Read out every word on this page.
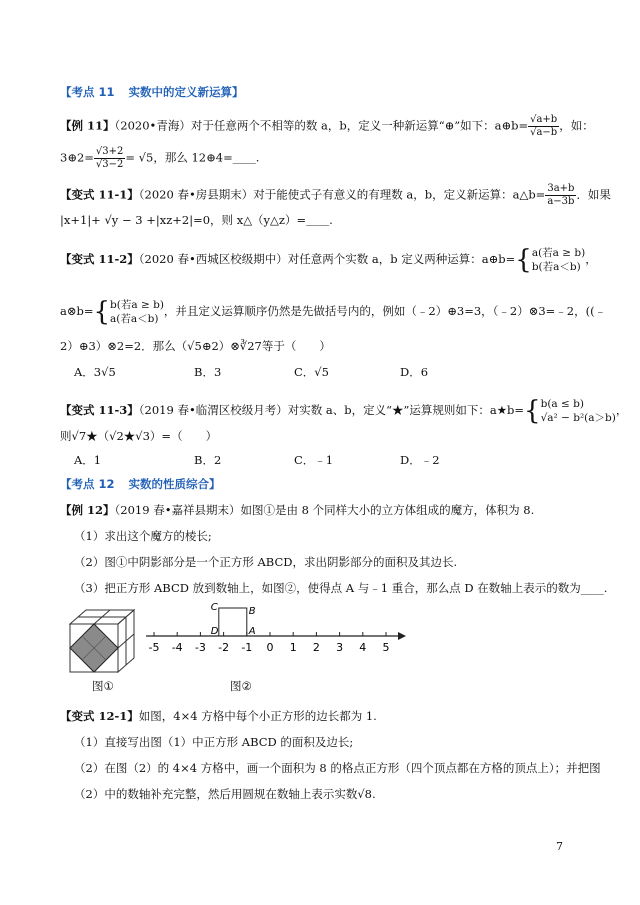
【考点 11 实数中的定义新运算】
【例 11】（2020•青海）对于任意两个不相等的数 a，b，定义一种新运算“⊕”如下：a⊕b= $\frac{√a+b}{√a-b}$ ，如：
3⊕2= $\frac{√3+2}{√3-2} = √5$，那么 12⊕4=____.
【变式 11-1】（2020 春•房县期末）对于能使式子有意义的有理数 a，b，定义新运算：a△b= $\frac{3a+b}{a-3b}$ ．如果
|x+1|+ √y − 3 +|xz+2|=0，则 x△（y△z）=＿＿.
【变式 11-2】（2020 春•西城区校级期中）对任意两个实数 a，b 定义两种运算：a⊕b={ a(若a ≥ b)
b(若a＜b)
，
a⊗b={ b(若a ≥ b)
a(若a＜b)
，并且定义运算顺序仍然是先做括号内的，例如（﹣2）⊕3=3，（﹣2）⊗3=﹣2，((﹣
2）⊕3）⊗2=2．那么（√5⊕2）⊗∛27等于（　　）
A．3√5	B．3	C．√5	D．6
【变式 11-3】（2019 春•临渭区校级月考）对实数 a、b，定义“★”运算规则如下：a★b={ b(a ≤ b)
√a² − b²(a＞b)
，
则√7★（√2★√3）=（　　）
A．1	B．2	C．﹣1	D．﹣2
【考点 12 实数的性质综合】
【例 12】（2019 春•嘉祥县期末）如图①是由 8 个同样大小的立方体组成的魔方，体积为 8.
（1）求出这个魔方的棱长;
（2）图①中阴影部分是一个正方形 ABCD，求出阴影部分的面积及其边长.
（3）把正方形 ABCD 放到数轴上，如图②，使得点 A 与﹣1 重合，那么点 D 在数轴上表示的数为____.
-5 -4 -3 -2 -1 0 1 2 3 4 5
C	B
D	A
图①	图②
【变式 12-1】如图，4×4 方格中每个小正方形的边长都为 1.
（1）直接写出图（1）中正方形 ABCD 的面积及边长;
（2）在图（2）的 4×4 方格中，画一个面积为 8 的格点正方形（四个顶点都在方格的顶点上）；并把图
（2）中的数轴补充完整，然后用圆规在数轴上表示实数√8.
7
